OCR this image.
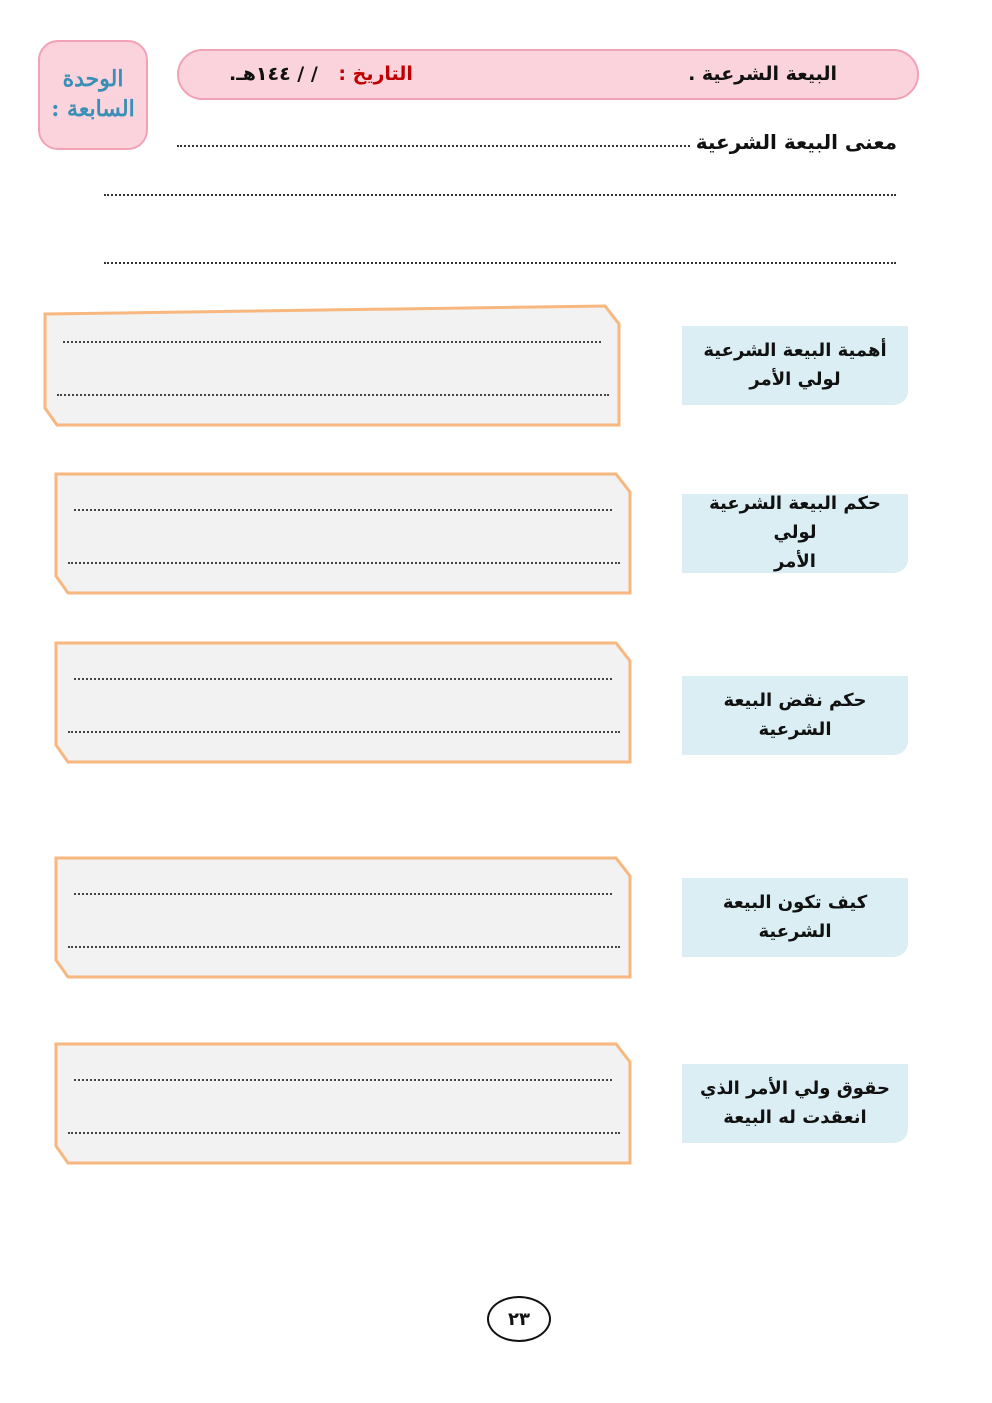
الوحدة
السابعة :
البيعة الشرعية .
التاريخ : / / ١٤٤هـ.
معنى البيعة الشرعية
أهمية البيعة الشرعية
لولي الأمر
حكم البيعة الشرعية لولي
الأمر
حكم نقض البيعة الشرعية
كيف تكون البيعة الشرعية
حقوق ولي الأمر الذي
انعقدت له البيعة
٢٣
